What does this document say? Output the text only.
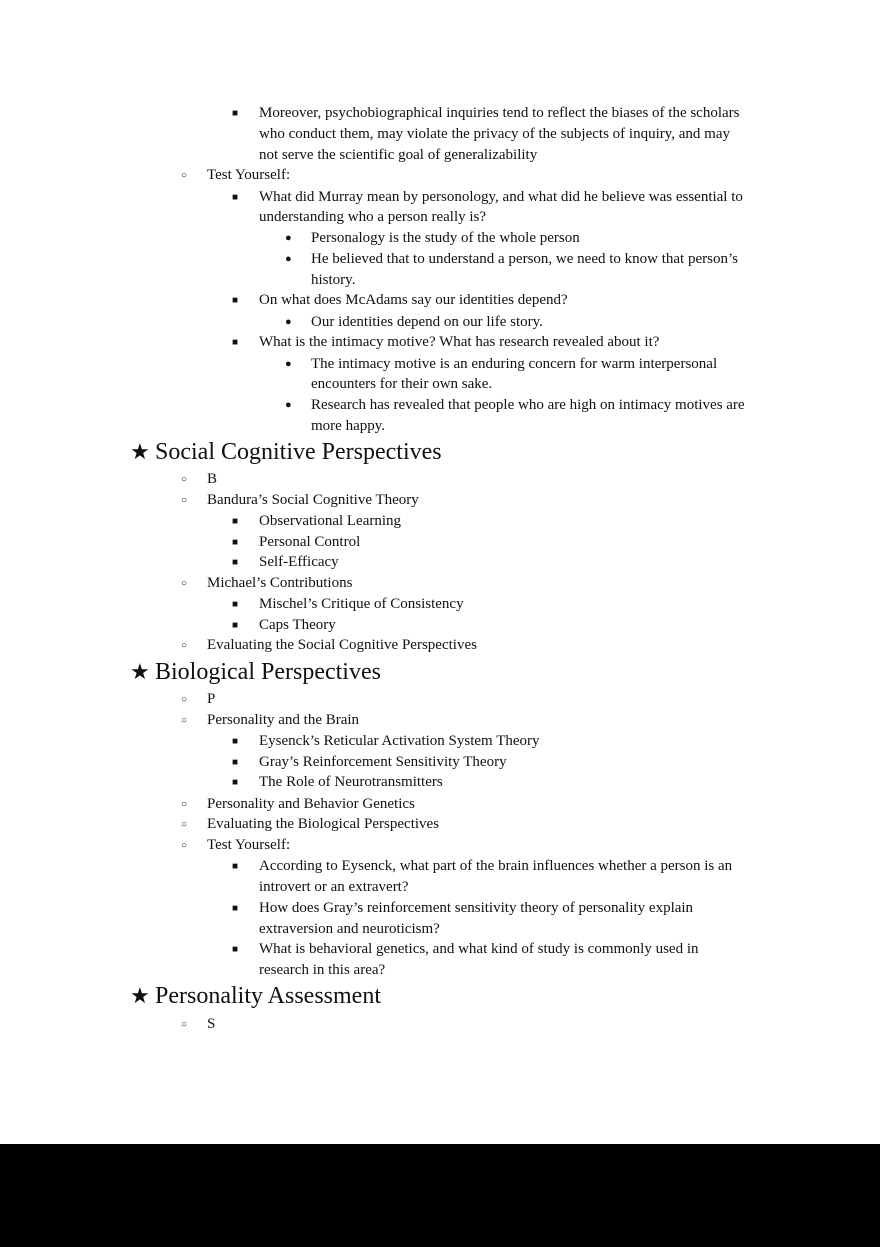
■ Moreover, psychobiographical inquiries tend to reflect the biases of the scholars
who conduct them, may violate the privacy of the subjects of inquiry, and may
not serve the scientific goal of generalizability
○ Test Yourself:
■ What did Murray mean by personology, and what did he believe was essential to
understanding who a person really is?
● Personalogy is the study of the whole person
● He believed that to understand a person, we need to know that person’s
history.
■ On what does McAdams say our identities depend?
● Our identities depend on our life story.
■ What is the intimacy motive? What has research revealed about it?
● The intimacy motive is an enduring concern for warm interpersonal
encounters for their own sake.
● Research has revealed that people who are high on intimacy motives are
more happy.
★ Social Cognitive Perspectives
○ B
○ Bandura’s Social Cognitive Theory
■ Observational Learning
■ Personal Control
■ Self-Efficacy
○ Michael’s Contributions
■ Mischel’s Critique of Consistency
■ Caps Theory
○ Evaluating the Social Cognitive Perspectives
★ Biological Perspectives
○ P
○ Personality and the Brain
■ Eysenck’s Reticular Activation System Theory
■ Gray’s Reinforcement Sensitivity Theory
■ The Role of Neurotransmitters
○ Personality and Behavior Genetics
○ Evaluating the Biological Perspectives
○ Test Yourself:
■ According to Eysenck, what part of the brain influences whether a person is an
introvert or an extravert?
■ How does Gray’s reinforcement sensitivity theory of personality explain
extraversion and neuroticism?
■ What is behavioral genetics, and what kind of study is commonly used in
research in this area?
★ Personality Assessment
○ S
